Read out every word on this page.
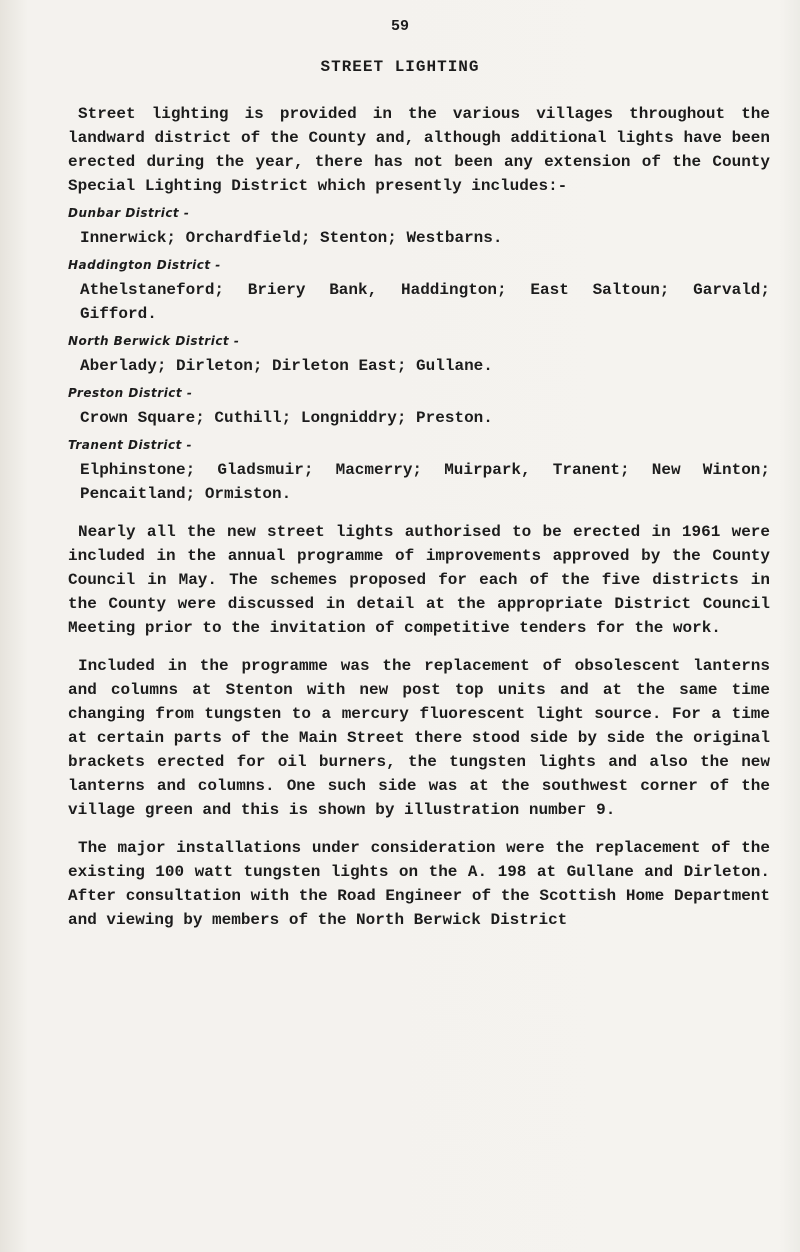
59
STREET LIGHTING

Street lighting is provided in the various villages throughout the landward district of the County and, although additional lights have been erected during the year, there has not been any extension of the County Special Lighting District which presently includes:-

Dunbar District -

Innerwick; Orchardfield; Stenton; Westbarns.

Haddington District -

Athelstaneford; Briery Bank, Haddington; East Saltoun; Garvald; Gifford.

North Berwick District -

Aberlady; Dirleton; Dirleton East; Gullane.

Preston District -

Crown Square; Cuthill; Longniddry; Preston.

Tranent District -

Elphinstone; Gladsmuir; Macmerry; Muirpark, Tranent; New Winton; Pencaitland; Ormiston.

Nearly all the new street lights authorised to be erected in 1961 were included in the annual programme of improvements approved by the County Council in May. The schemes proposed for each of the five districts in the County were discussed in detail at the appropriate District Council Meeting prior to the invitation of competitive tenders for the work.

Included in the programme was the replacement of obsolescent lanterns and columns at Stenton with new post top units and at the same time changing from tungsten to a mercury fluorescent light source. For a time at certain parts of the Main Street there stood side by side the original brackets erected for oil burners, the tungsten lights and also the new lanterns and columns. One such side was at the southwest corner of the village green and this is shown by illustration numbeг 9.

The major installations under consideration were the replacement of the existing 100 watt tungsten lights on the A. 198 at Gullane and Dirleton. After consultation with the Road Engineer of the Scottish Home Department and viewing by members of the North Berwick District
